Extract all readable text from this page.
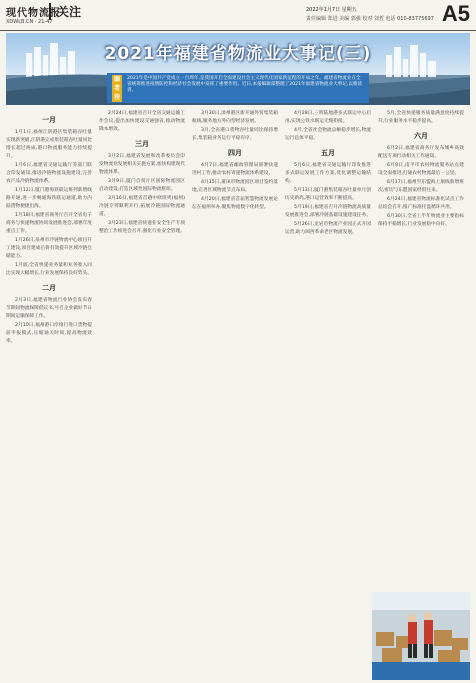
现代物流报
XDWLB.CN · 21-47
关注	2022年1月7日 星期五
责任编辑 郑进 美编 郭强 校对 刘哲 电话 010-83775697 A5
2021年福建省物流业大事记(三)
2021年是中国共产党成立一百周年,是我国开启全面建设社会主义现代化国家新征程的开局之年。福建省物流业在全省统筹推进疫情防控和经济社会发展中发挥了重要作用。近日,本报编辑部整理了2021年福建省物流业大事记,以飨读者。
编者按
一月

1月1日,福州江阴港区集装箱吞吐量实现新突破,江阴港完成集装箱吞吐量同比增长超过两成,港口物流服务能力持续提升。

1月6日,福建省交通运输厅等部门联合印发通知,推进冷链物流设施建设,完善农产品冷链物流体系。

1月12日,厦门港海铁联运班列新增线路开通,进一步畅通海铁联运通道,助力内陆货物便捷出海。

1月18日,福建省商务厅召开全省电子商务与快递物流协同发展推进会,部署年度重点工作。

1月26日,泉州市冷链物流中心项目开工建设,项目建成后将有效提升区域冷链仓储能力。

1月底,全省快递业务量和业务收入同比实现大幅增长,行业发展保持良好势头。

二月

2月3日,福建省物流行业协会发布春节期间物流保障倡议书,号召企业做好节日期间运输保障工作。

2月10日,福州港口岸推行进口货物提前申报模式,压缩通关时间,提高物流效率。

2月24日,福建省召开全省交通运输工作会议,提出加快建设交通强省,推动物流降本增效。

三月

3月2日,福建省发展和改革委员会印发物流业发展相关实施方案,加快构建现代物流体系。

3月9日,厦门自贸片区国际物流园区启动建设,打造区域性国际物流枢纽。

3月16日,福建省首趟中欧班列(福州)冷链专列顺利开行,拓展冷链国际物流通道。

3月23日,福建省快递业安全生产专项整治工作推进会召开,强化行业安全管理。

3月30日,漳州港区新开通外贸集装箱航线,服务地方外向型经济发展。

3月,全省港口货物吞吐量同比保持增长,集装箱业务运行平稳有序。

四月

4月7日,福建省邮政管理局部署快递进村工作,推动农村寄递物流体系建设。

4月15日,莆田市物流园区项目签约落地,完善区域物流节点布局。

4月20日,福建省首届智慧物流发展论坛在福州举办,聚焦物流数字化转型。

4月28日,三明陆地港多式联运中心启用,实现公铁水联运无缝衔接。

4月,全省社会物流总额稳步增长,物流运行总体平稳。

五月

5月6日,福建省交通运输厅印发推进多式联运发展工作方案,优化调整运输结构。

5月13日,厦门港集装箱吞吐量单月创历史新高,港口运营效率不断提高。

5月19日,福建省召开冷链物流高质量发展推进会,部署冷链基础设施建设任务。

5月26日,龙岩市物流产业园正式开园运营,助力闽西革命老区物流发展。

5月,全省快递服务质量满意度持续提升,行业服务水平稳步提高。

六月

6月2日,福建省商务厅发布城乡高效配送专项行动相关工作通知。

6月9日,南平市农村物流服务站点建设全面推进,打通农村物流最后一公里。

6月17日,福州至东盟海上航线新增班次,密切与东盟国家经贸往来。

6月24日,福建省物流标准化试点工作总结会召开,推广标准托盘循环共用。

6月30日,全省上半年物流业主要指标保持平稳增长,行业发展稳中向好。
